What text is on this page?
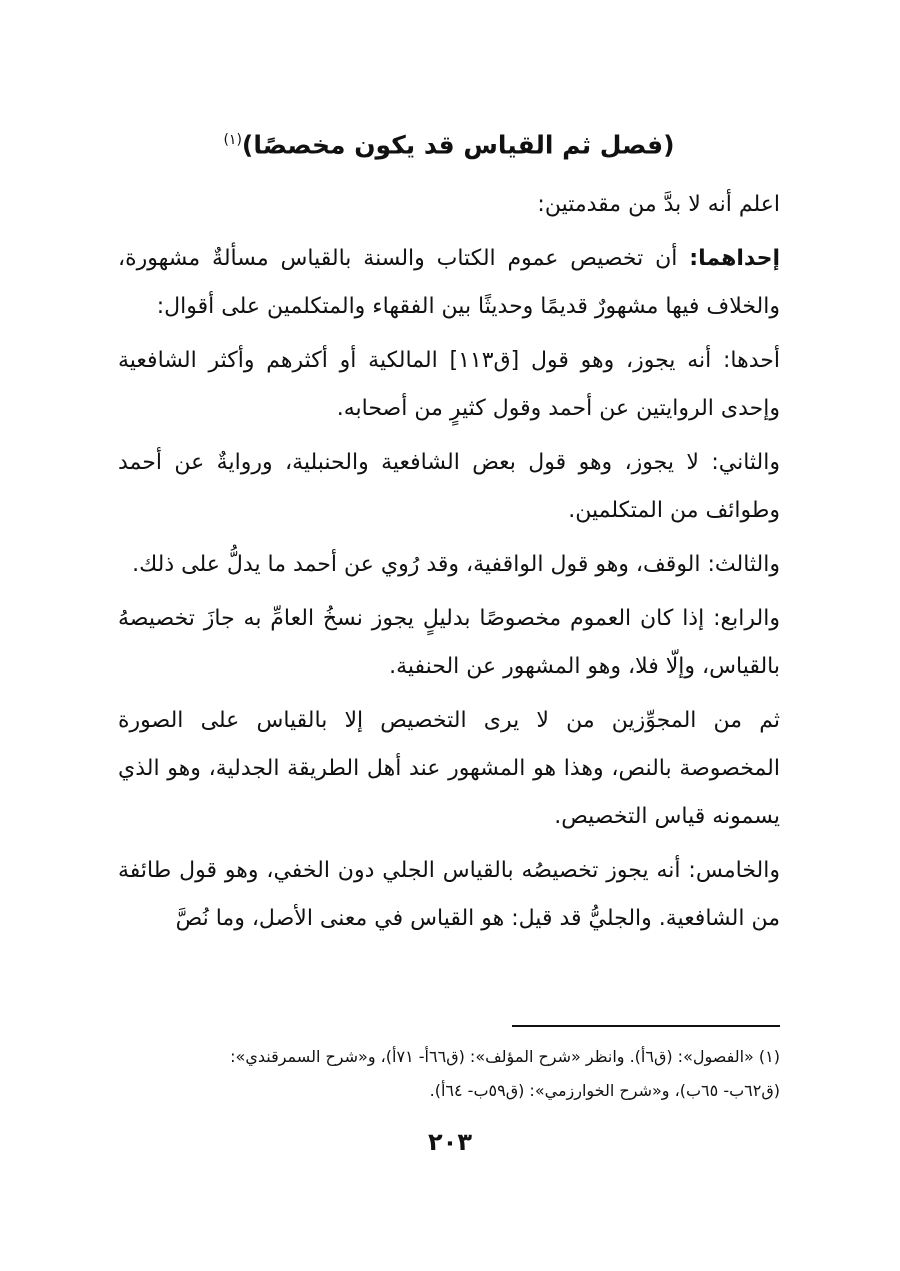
(فصل ثم القياس قد يكون مخصصًا)$^{(١)}$

اعلم أنه لا بدَّ من مقدمتين:

إحداهما: أن تخصيص عموم الكتاب والسنة بالقياس مسألةٌ مشهورة، والخلاف فيها مشهورٌ قديمًا وحديثًا بين الفقهاء والمتكلمين على أقوال:

أحدها: أنه يجوز، وهو قول [ق١١٣] المالكية أو أكثرهم وأكثر الشافعية وإحدى الروايتين عن أحمد وقول كثيرٍ من أصحابه.

والثاني: لا يجوز، وهو قول بعض الشافعية والحنبلية، وروايةٌ عن أحمد وطوائف من المتكلمين.

والثالث: الوقف، وهو قول الواقفية، وقد رُوي عن أحمد ما يدلُّ على ذلك.

والرابع: إذا كان العموم مخصوصًا بدليلٍ يجوز نسخُ العامِّ به جازَ تخصيصهُ بالقياس، وإلّا فلا، وهو المشهور عن الحنفية.

ثم من المجوِّزين من لا يرى التخصيص إلا بالقياس على الصورة المخصوصة بالنص، وهذا هو المشهور عند أهل الطريقة الجدلية، وهو الذي يسمونه قياس التخصيص.

والخامس: أنه يجوز تخصيصُه بالقياس الجلي دون الخفي، وهو قول طائفة من الشافعية. والجليُّ قد قيل: هو القياس في معنى الأصل، وما نُصَّ

(١) «الفصول»: (ق٦أ). وانظر «شرح المؤلف»: (ق٦٦أ- ٧١أ)، و«شرح السمرقندي»:
(ق٦٢ب- ٦٥ب)، و«شرح الخوارزمي»: (ق٥٩ب- ٦٤أ).
٢٠٣
